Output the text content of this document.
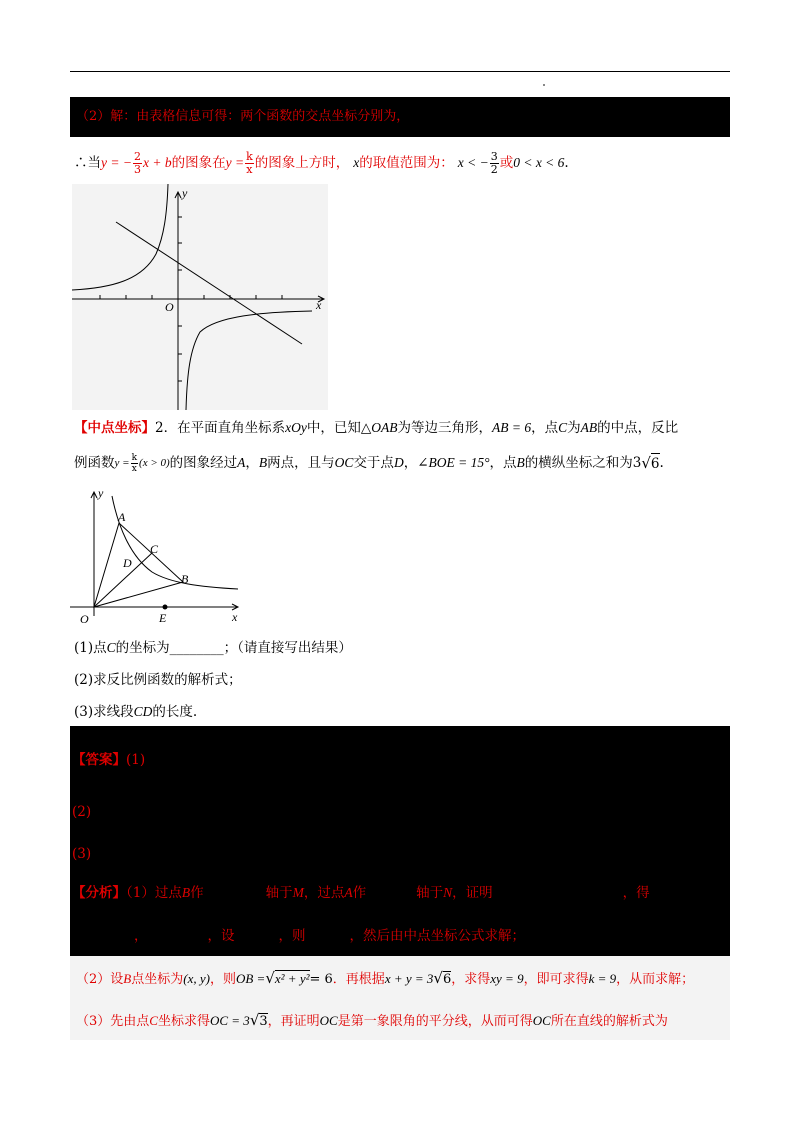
（2）解：由表格信息可得：两个函数的交点坐标分别为，
∴当 y = − $\frac{2}{3}$ x + b 的图象在 $y = \frac{k}{x}$ 的图象上方时， x 的取值范围为： x < − $\frac{3}{2}$ 或 0 < x < 6 .
y
x
O
【中点坐标】2．在平面直角坐标系xOy中，已知△OAB为等边三角形，AB = 6，点C为AB的中点，反比
例函数 $y = \frac{k}{x} (x > 0)$ 的图象经过 A ， B 两点，且与 OC 交于点 D ， ∠BOE = 15° ，点 B 的横纵坐标之和为 3 √ 6 .
y
x
O
A
B
C
D
E
(1)点C的坐标为________；（请直接写出结果）
(2)求反比例函数的解析式；
(3)求线段CD的长度.
【答案】(1)
(2)
(3)
【分析】（1）过点B作	轴于M，过点A作	轴于N，证明	，得
，	，设	，则	，然后由中点坐标公式求解；
（2）设B点坐标为(x, y)，则OB =√x² + y²= 6．再根据x + y = 3√6，求得xy = 9，即可求得k = 9，从而求解；
（3）先由点C坐标求得OC = 3√3，再证明OC是第一象限角的平分线，从而可得OC所在直线的解析式为
